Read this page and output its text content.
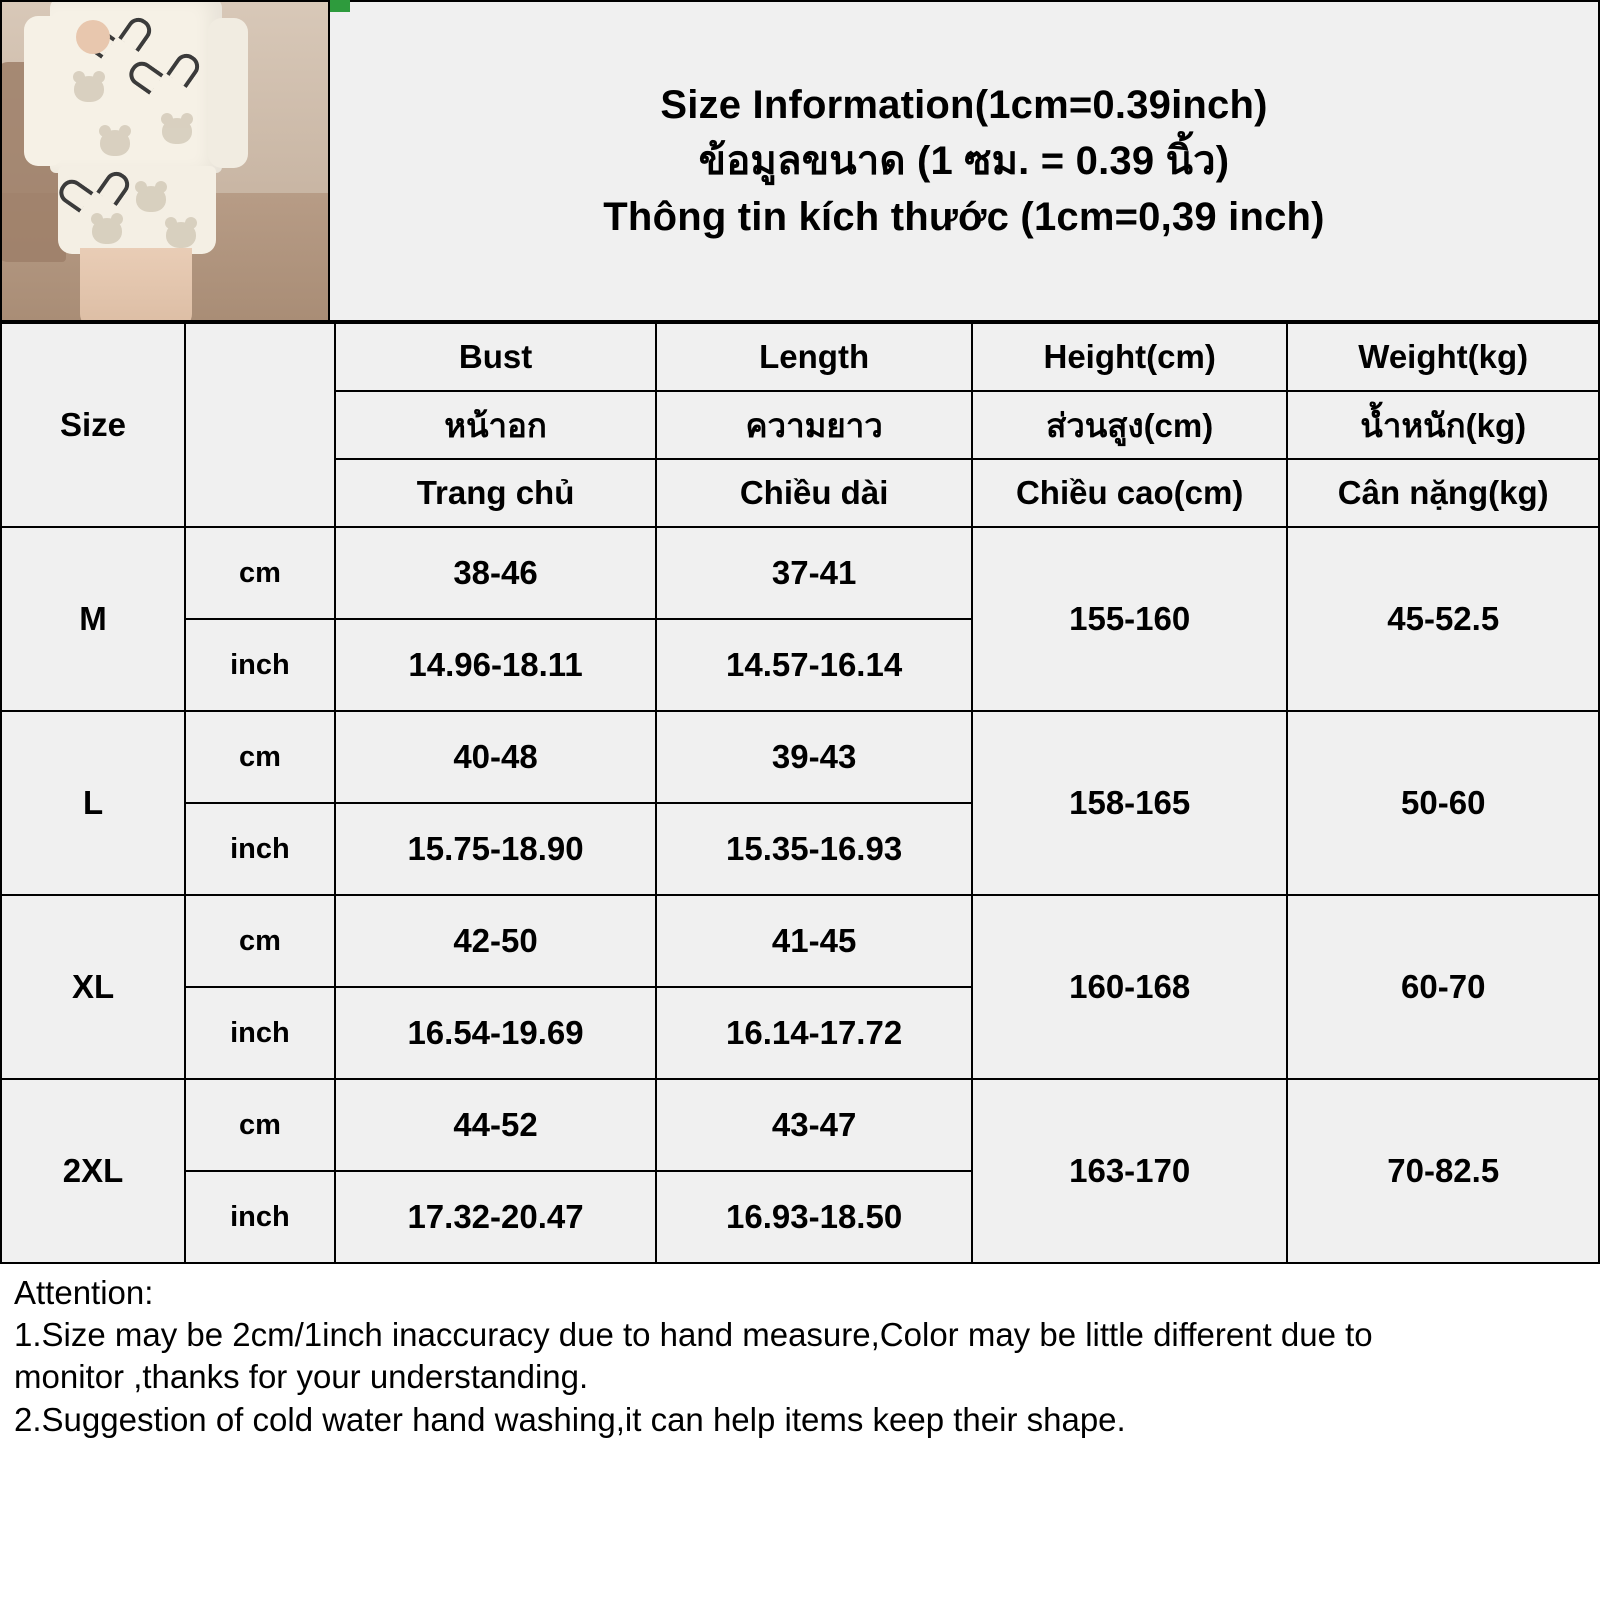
Size Information(1cm=0.39inch)
ข้อมูลขนาด (1 ซม. = 0.39 นิ้ว)
Thông tin kích thước (1cm=0,39 inch)
Size		Bust	Length	Height(cm)	Weight(kg)
		หน้าอก	ความยาว	ส่วนสูง(cm)	น้ำหนัก(kg)
		Trang chủ	Chiều dài	Chiều cao(cm)	Cân nặng(kg)
M	cm	38-46	37-41	155-160	45-52.5
	inch	14.96-18.11	14.57-16.14		
L	cm	40-48	39-43	158-165	50-60
	inch	15.75-18.90	15.35-16.93		
XL	cm	42-50	41-45	160-168	60-70
	inch	16.54-19.69	16.14-17.72		
2XL	cm	44-52	43-47	163-170	70-82.5
	inch	17.32-20.47	16.93-18.50		
Attention:
1.Size may be 2cm/1inch inaccuracy due to hand measure,Color may be little different due to
monitor ,thanks for your understanding.
2.Suggestion of cold water hand washing,it can help items keep their shape.
